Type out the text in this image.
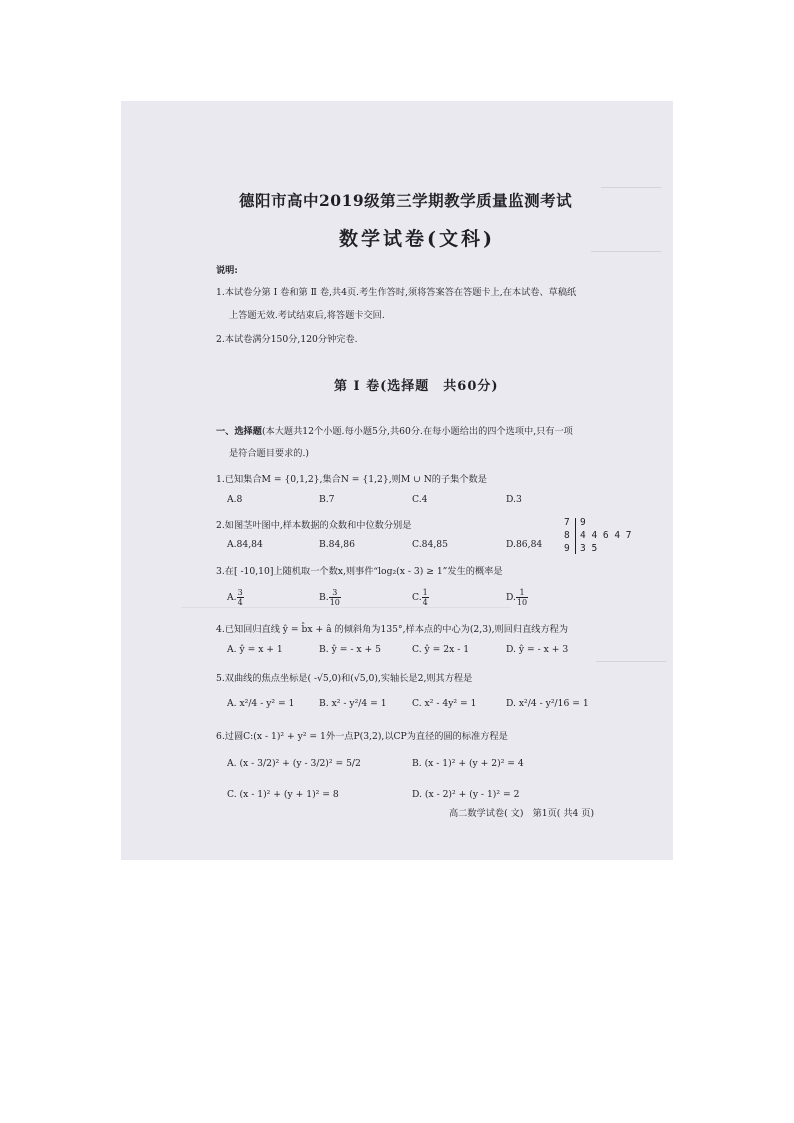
德阳市高中2019级第三学期教学质量监测考试
数学试卷(文科)
说明:
1.本试卷分第 Ⅰ 卷和第 Ⅱ 卷,共4页.考生作答时,须将答案答在答题卡上,在本试卷、草稿纸
上答题无效.考试结束后,将答题卡交回.
2.本试卷满分150分,120分钟完卷.
第 Ⅰ 卷(选择题　共60分)
一、选择题(本大题共12个小题.每小题5分,共60分.在每小题给出的四个选项中,只有一项
是符合题目要求的.)
1.已知集合M = {0,1,2},集合N = {1,2},则M ∪ N的子集个数是
A.8	B.7	C.4	D.3
2.如图茎叶图中,样本数据的众数和中位数分别是
A.84,84	B.84,86	C.84,85	D.86,84
7 9
8 4 4 6 4 7
9 3 5
3.在[ -10,10]上随机取一个数x,则事件“log₂(x - 3) ≥ 1”发生的概率是
A. $\frac{3}{4}$	B. $\frac{3}{10}$	C. $\frac{1}{4}$	D. $\frac{1}{10}$
4.已知回归直线 ŷ = b̂x + â 的倾斜角为135°,样本点的中心为(2,3),则回归直线方程为
A. ŷ = x + 1	B. ŷ = - x + 5	C. ŷ = 2x - 1	D. ŷ = - x + 3
5.双曲线的焦点坐标是( -√5,0)和(√5,0),实轴长是2,则其方程是
A. x²/4 - y² = 1	B. x² - y²/4 = 1	C. x² - 4y² = 1	D. x²/4 - y²/16 = 1
6.过圆C:(x - 1)² + y² = 1外一点P(3,2),以CP为直径的圆的标准方程是
A. (x - 3/2)² + (y - 3/2)² = 5/2	B. (x - 1)² + (y + 2)² = 4
C. (x - 1)² + (y + 1)² = 8	D. (x - 2)² + (y - 1)² = 2
高二数学试卷( 文)　第1页( 共4 页)
